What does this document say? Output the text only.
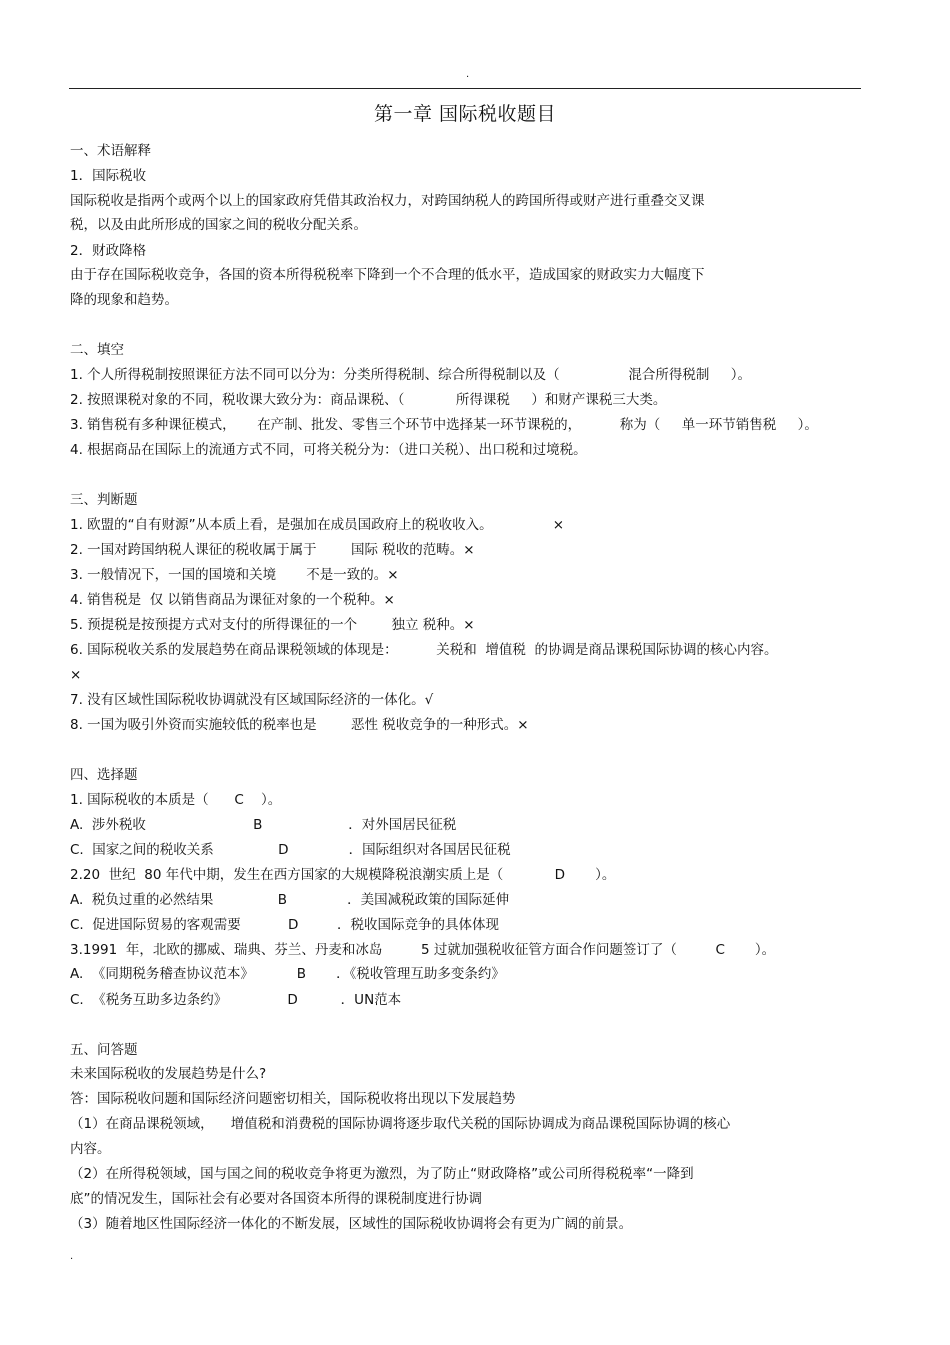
.
第一章 国际税收题目
一、术语解释
1．国际税收
国际税收是指两个或两个以上的国家政府凭借其政治权力，对跨国纳税人的跨国所得或财产进行重叠交叉课
税，以及由此所形成的国家之间的税收分配关系。
2．财政降格
由于存在国际税收竞争，各国的资本所得税税率下降到一个不合理的低水平，造成国家的财政实力大幅度下
降的现象和趋势。
二、填空
1. 个人所得税制按照课征方法不同可以分为：分类所得税制、综合所得税制以及（                混合所得税制     ）。
2. 按照课税对象的不同，税收课大致分为：商品课税、（            所得课税     ）和财产课税三大类。
3. 销售税有多种课征模式，     在产制、批发、零售三个环节中选择某一环节课税的，         称为（     单一环节销售税     ）。
4. 根据商品在国际上的流通方式不同，可将关税分为：（进口关税）、出口税和过境税。
三、判断题
1. 欧盟的“自有财源”从本质上看，是强加在成员国政府上的税收收入。              ×
2. 一国对跨国纳税人课征的税收属于属于        国际 税收的范畴。×
3. 一般情况下，一国的国境和关境       不是一致的。×
4. 销售税是  仅 以销售商品为课征对象的一个税种。×
5. 预提税是按预提方式对支付的所得课征的一个        独立 税种。×
6. 国际税收关系的发展趋势在商品课税领域的体现是：         关税和  增值税  的协调是商品课税国际协调的核心内容。
×
7. 没有区域性国际税收协调就没有区域国际经济的一体化。√
8. 一国为吸引外资而实施较低的税率也是        恶性 税收竞争的一种形式。×
四、选择题
1. 国际税收的本质是（      C    ）。
A.  涉外税收                         B                    ．对外国居民征税
C.  国家之间的税收关系               D              ．国际组织对各国居民征税
2.20  世纪  80 年代中期，发生在西方国家的大规模降税浪潮实质上是（            D       ）。
A.  税负过重的必然结果               B              ．美国减税政策的国际延伸
C.  促进国际贸易的客观需要           D         ．税收国际竞争的具体体现
3.1991  年，北欧的挪威、瑞典、芬兰、丹麦和冰岛         5 过就加强税收征管方面合作问题签订了（         C       ）。
A.  《同期税务稽查协议范本》          B       ．《税收管理互助多变条约》
C.  《税务互助多边条约》              D          ．UN范本
五、问答题
未来国际税收的发展趋势是什么?
答：国际税收问题和国际经济问题密切相关，国际税收将出现以下发展趋势
（1）在商品课税领域，    增值税和消费税的国际协调将逐步取代关税的国际协调成为商品课税国际协调的核心
内容。
（2）在所得税领域，国与国之间的税收竞争将更为激烈，为了防止“财政降格”或公司所得税税率“一降到
底”的情况发生，国际社会有必要对各国资本所得的课税制度进行协调
（3）随着地区性国际经济一体化的不断发展，区域性的国际税收协调将会有更为广阔的前景。
.
